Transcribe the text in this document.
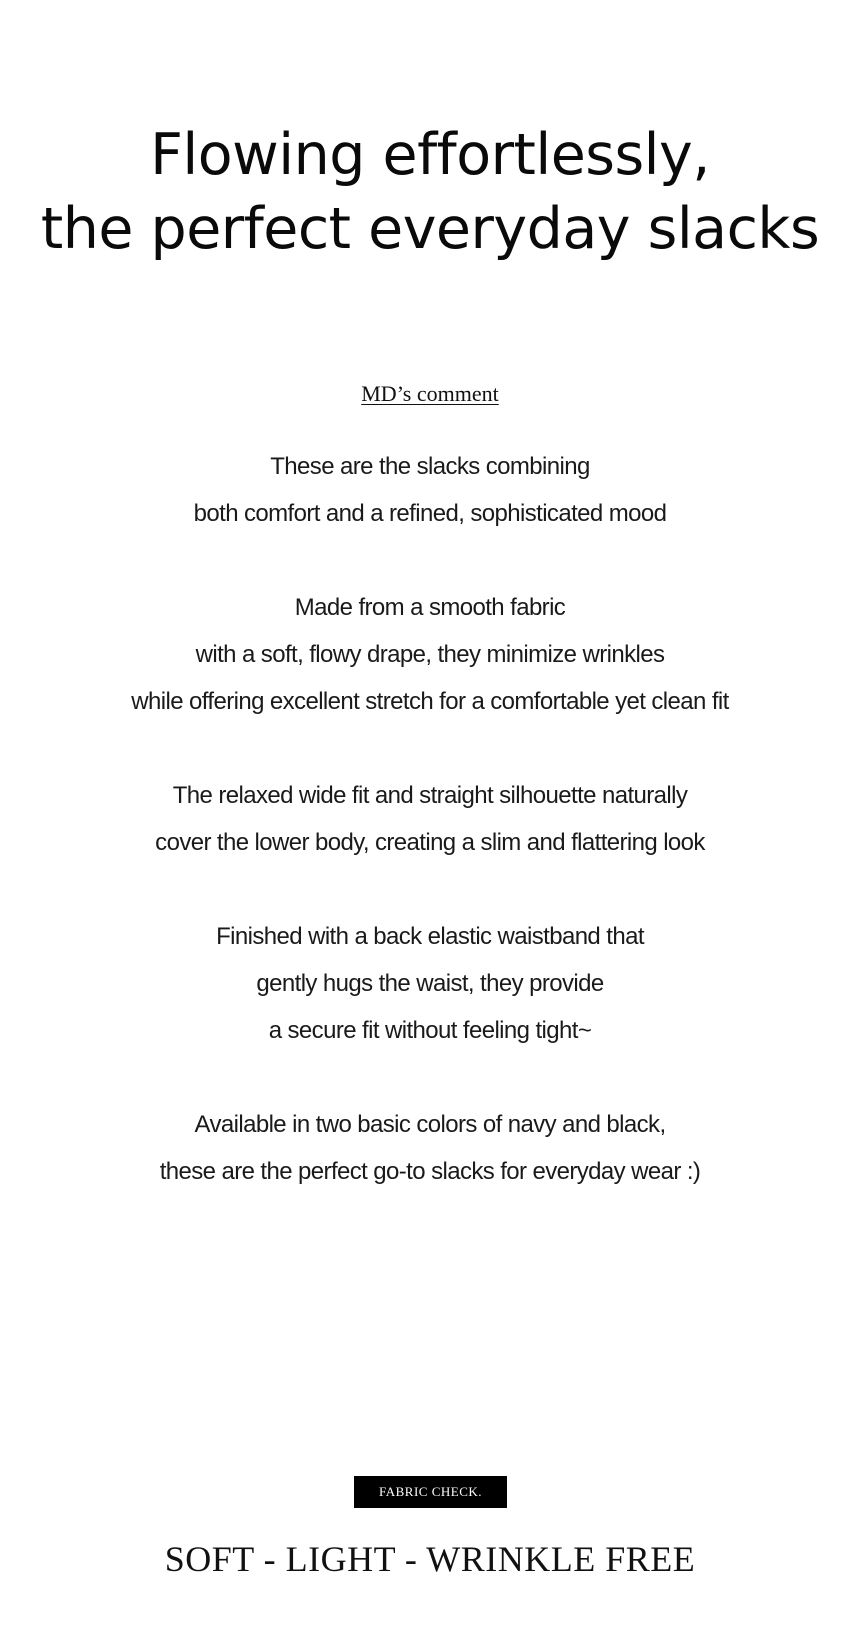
Flowing effortlessly,
the perfect everyday slacks
MD’s comment

These are the slacks combining
both comfort and a refined, sophisticated mood

Made from a smooth fabric
with a soft, flowy drape, they minimize wrinkles
while offering excellent stretch for a comfortable yet clean fit

The relaxed wide fit and straight silhouette naturally
cover the lower body, creating a slim and flattering look

Finished with a back elastic waistband that
gently hugs the waist, they provide
a secure fit without feeling tight~

Available in two basic colors of navy and black,
these are the perfect go-to slacks for everyday wear :)

FABRIC CHECK.
SOFT - LIGHT - WRINKLE FREE
